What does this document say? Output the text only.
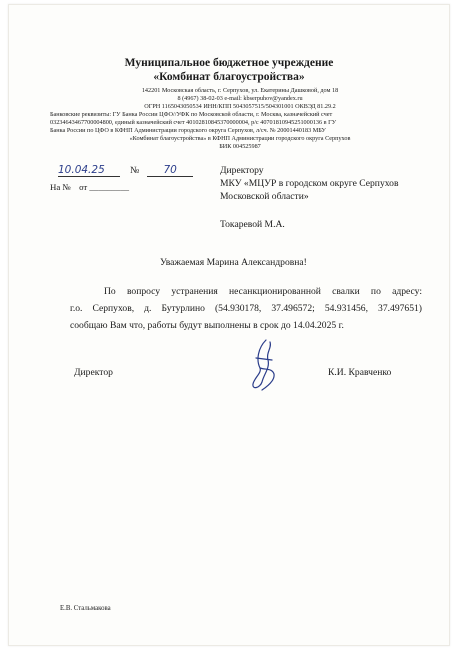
Муниципальное бюджетное учреждение
«Комбинат благоустройства»
142201 Московская область, г. Серпухов, ул. Екатерины Дашковой, дом 18
8 (4967) 38-02-03 e-mail: kbserpuhov@yandex.ru
ОГРН 1165043050534 ИНН/КПП 5043057515/504301001 ОКВЭД 81.29.2
Банковские реквизиты: ГУ Банка России ЦФО//УФК по Московской области, г. Москва, казначейский счет
03234643467700004800, единый казначейский счет 40102810845370000004, р/с 40701810945251000136 в ГУ
Банка России по ЦФО в КФНП Администрации городского округа Серпухов, л/сч. № 20001440183 МБУ
«Комбинат благоустройства» в КФНП Администрации городского округа Серпухов
БИК 004525987
10.04.25	№ 70
На № от _________
Директору
МКУ «МЦУР в городском округе Серпухов
Московской области»
Токаревой М.А.
Уважаемая Марина Александровна!
По вопросу устранения несанкционированной свалки по адресу:
г.о. Серпухов, д. Бутурлино (54.930178, 37.496572; 54.931456, 37.497651)
сообщаю Вам что, работы будут выполнены в срок до 14.04.2025 г.
Директор	К.И. Кравченко
Е.В. Стальмакова
